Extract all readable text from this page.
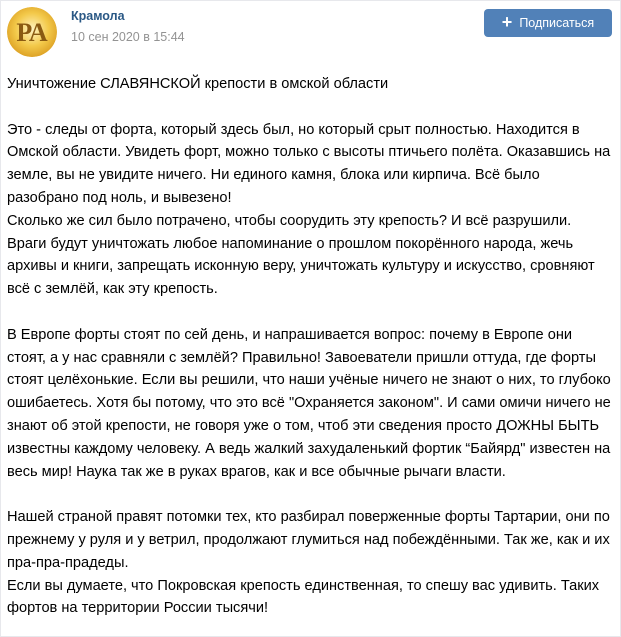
РА
Крамола
10 сен 2020 в 15:44
+ Подписаться

Уничтожение СЛАВЯНСКОЙ крепости в омской области

Это - следы от форта, который здесь был, но который срыт полностью. Находится в Омской области. Увидеть форт, можно только с высоты птичьего полёта. Оказавшись на земле, вы не увидите ничего. Ни единого камня, блока или кирпича. Всё было разобрано под ноль, и вывезено!
Сколько же сил было потрачено, чтобы соорудить эту крепость? И всё разрушили. Враги будут уничтожать любое напоминание о прошлом покорённого народа, жечь архивы и книги, запрещать исконную веру, уничтожать культуру и искусство, сровняют всё с землёй, как эту крепость.

В Европе форты стоят по сей день, и напрашивается вопрос: почему в Европе они стоят, а у нас сравняли с землёй? Правильно! Завоеватели пришли оттуда, где форты стоят целёхонькие. Если вы решили, что наши учёные ничего не знают о них, то глубоко ошибаетесь. Хотя бы потому, что это всё "Охраняется законом". И сами омичи ничего не знают об этой крепости, не говоря уже о том, чтоб эти сведения просто ДОЖНЫ БЫТЬ известны каждому человеку. А ведь жалкий захудаленький фортик “Байярд" известен на весь мир! Наука так же в руках врагов, как и все обычные рычаги власти.

Нашей страной правят потомки тех, кто разбирал поверженные форты Тартарии, они по прежнему у руля и у ветрил, продолжают глумиться над побеждёнными. Так же, как и их пра-пра-прадеды.
Если вы думаете, что Покровская крепость единственная, то спешу вас удивить. Таких фортов на территории России тысячи!
